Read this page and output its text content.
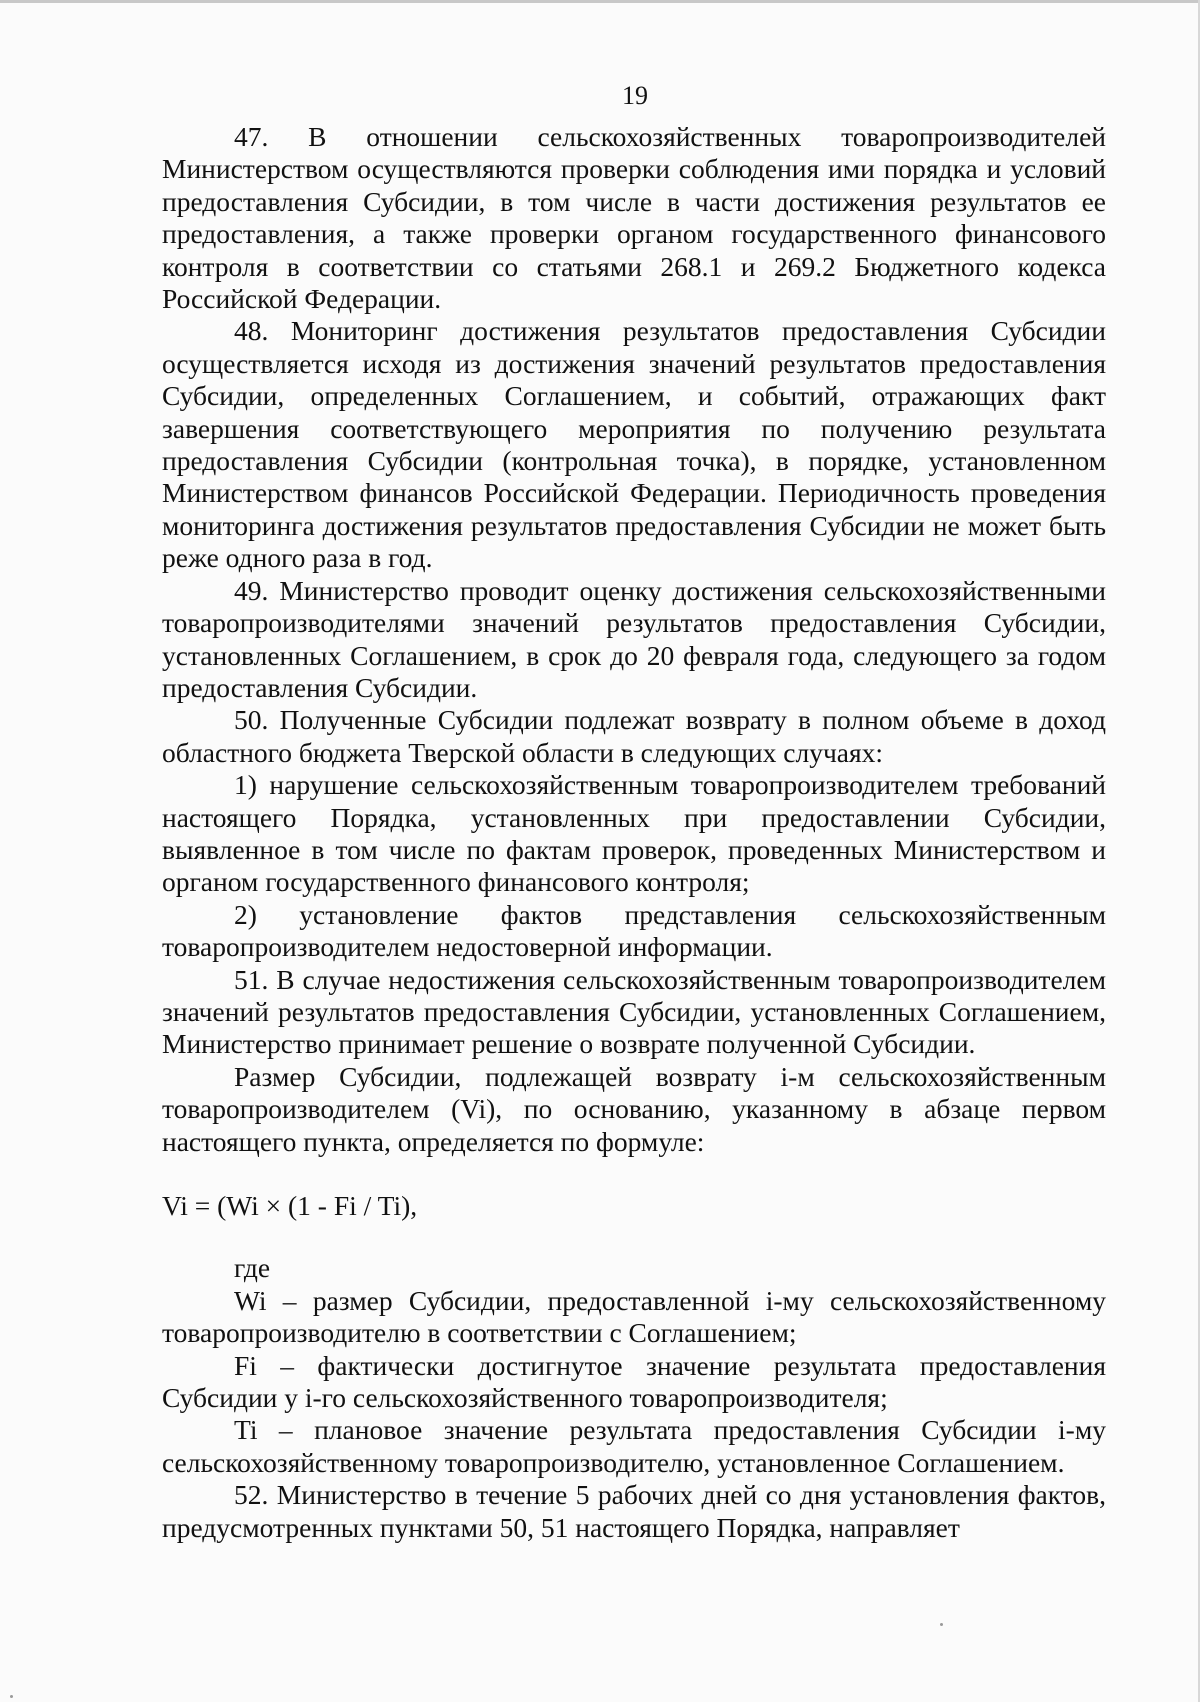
19

47. В отношении сельскохозяйственных товаропроизводителей Министерством осуществляются проверки соблюдения ими порядка и условий предоставления Субсидии, в том числе в части достижения результатов ее предоставления, а также проверки органом государственного финансового контроля в соответствии со статьями 268.1 и 269.2 Бюджетного кодекса Российской Федерации.

48. Мониторинг достижения результатов предоставления Субсидии осуществляется исходя из достижения значений результатов предоставления Субсидии, определенных Соглашением, и событий, отражающих факт завершения соответствующего мероприятия по получению результата предоставления Субсидии (контрольная точка), в порядке, установленном Министерством финансов Российской Федерации. Периодичность проведения мониторинга достижения результатов предоставления Субсидии не может быть реже одного раза в год.

49. Министерство проводит оценку достижения сельскохозяйственными товаропроизводителями значений результатов предоставления Субсидии, установленных Соглашением, в срок до 20 февраля года, следующего за годом предоставления Субсидии.

50. Полученные Субсидии подлежат возврату в полном объеме в доход областного бюджета Тверской области в следующих случаях:

1) нарушение сельскохозяйственным товаропроизводителем требований настоящего Порядка, установленных при предоставлении Субсидии, выявленное в том числе по фактам проверок, проведенных Министерством и органом государственного финансового контроля;

2) установление фактов представления сельскохозяйственным товаропроизводителем недостоверной информации.

51. В случае недостижения сельскохозяйственным товаропроизводителем значений результатов предоставления Субсидии, установленных Соглашением, Министерство принимает решение о возврате полученной Субсидии.

Размер Субсидии, подлежащей возврату i-м сельскохозяйственным товаропроизводителем (Vi), по основанию, указанному в абзаце первом настоящего пункта, определяется по формуле:

Vi = (Wi × (1 - Fi / Ti),

где

Wi – размер Субсидии, предоставленной i-му сельскохозяйственному товаропроизводителю в соответствии с Соглашением;

Fi – фактически достигнутое значение результата предоставления Субсидии у i-го сельскохозяйственного товаропроизводителя;

Ti – плановое значение результата предоставления Субсидии i-му сельскохозяйственному товаропроизводителю, установленное Соглашением.

52. Министерство в течение 5 рабочих дней со дня установления фактов, предусмотренных пунктами 50, 51 настоящего Порядка, направляет
